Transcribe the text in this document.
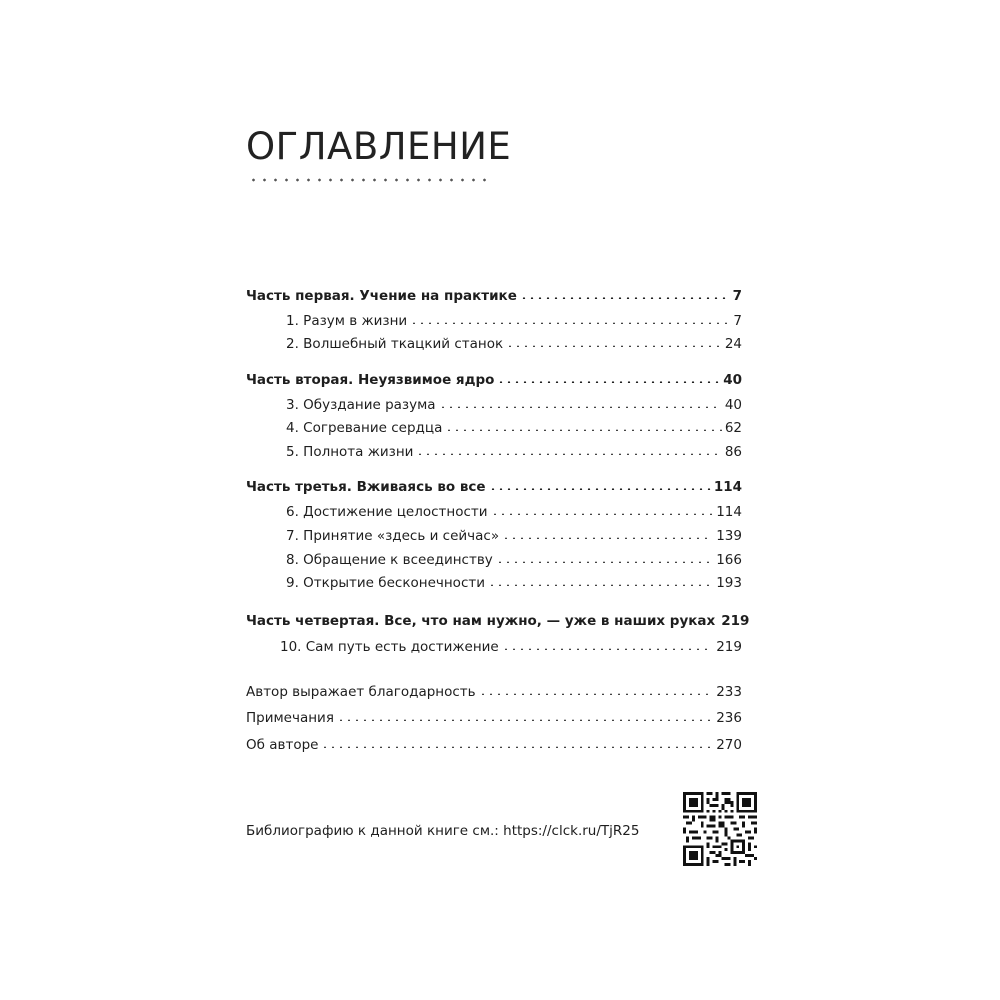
ОГЛАВЛЕНИЕ
Часть первая. Учение на практике	7
1. Разум в жизни	7
2. Волшебный ткацкий станок	24
Часть вторая. Неуязвимое ядро	40
3. Обуздание разума	40
4. Согревание сердца	62
5. Полнота жизни	86
Часть третья. Вживаясь во все	114
6. Достижение целостности	114
7. Принятие «здесь и сейчас»	139
8. Обращение к всеединству	166
9. Открытие бесконечности	193
Часть четвертая. Все, что нам нужно, — уже в наших руках 219
10. Сам путь есть достижение	219
Автор выражает благодарность	233
Примечания	236
Об авторе	270
Библиографию к данной книге см.: https://clck.ru/TjR25
